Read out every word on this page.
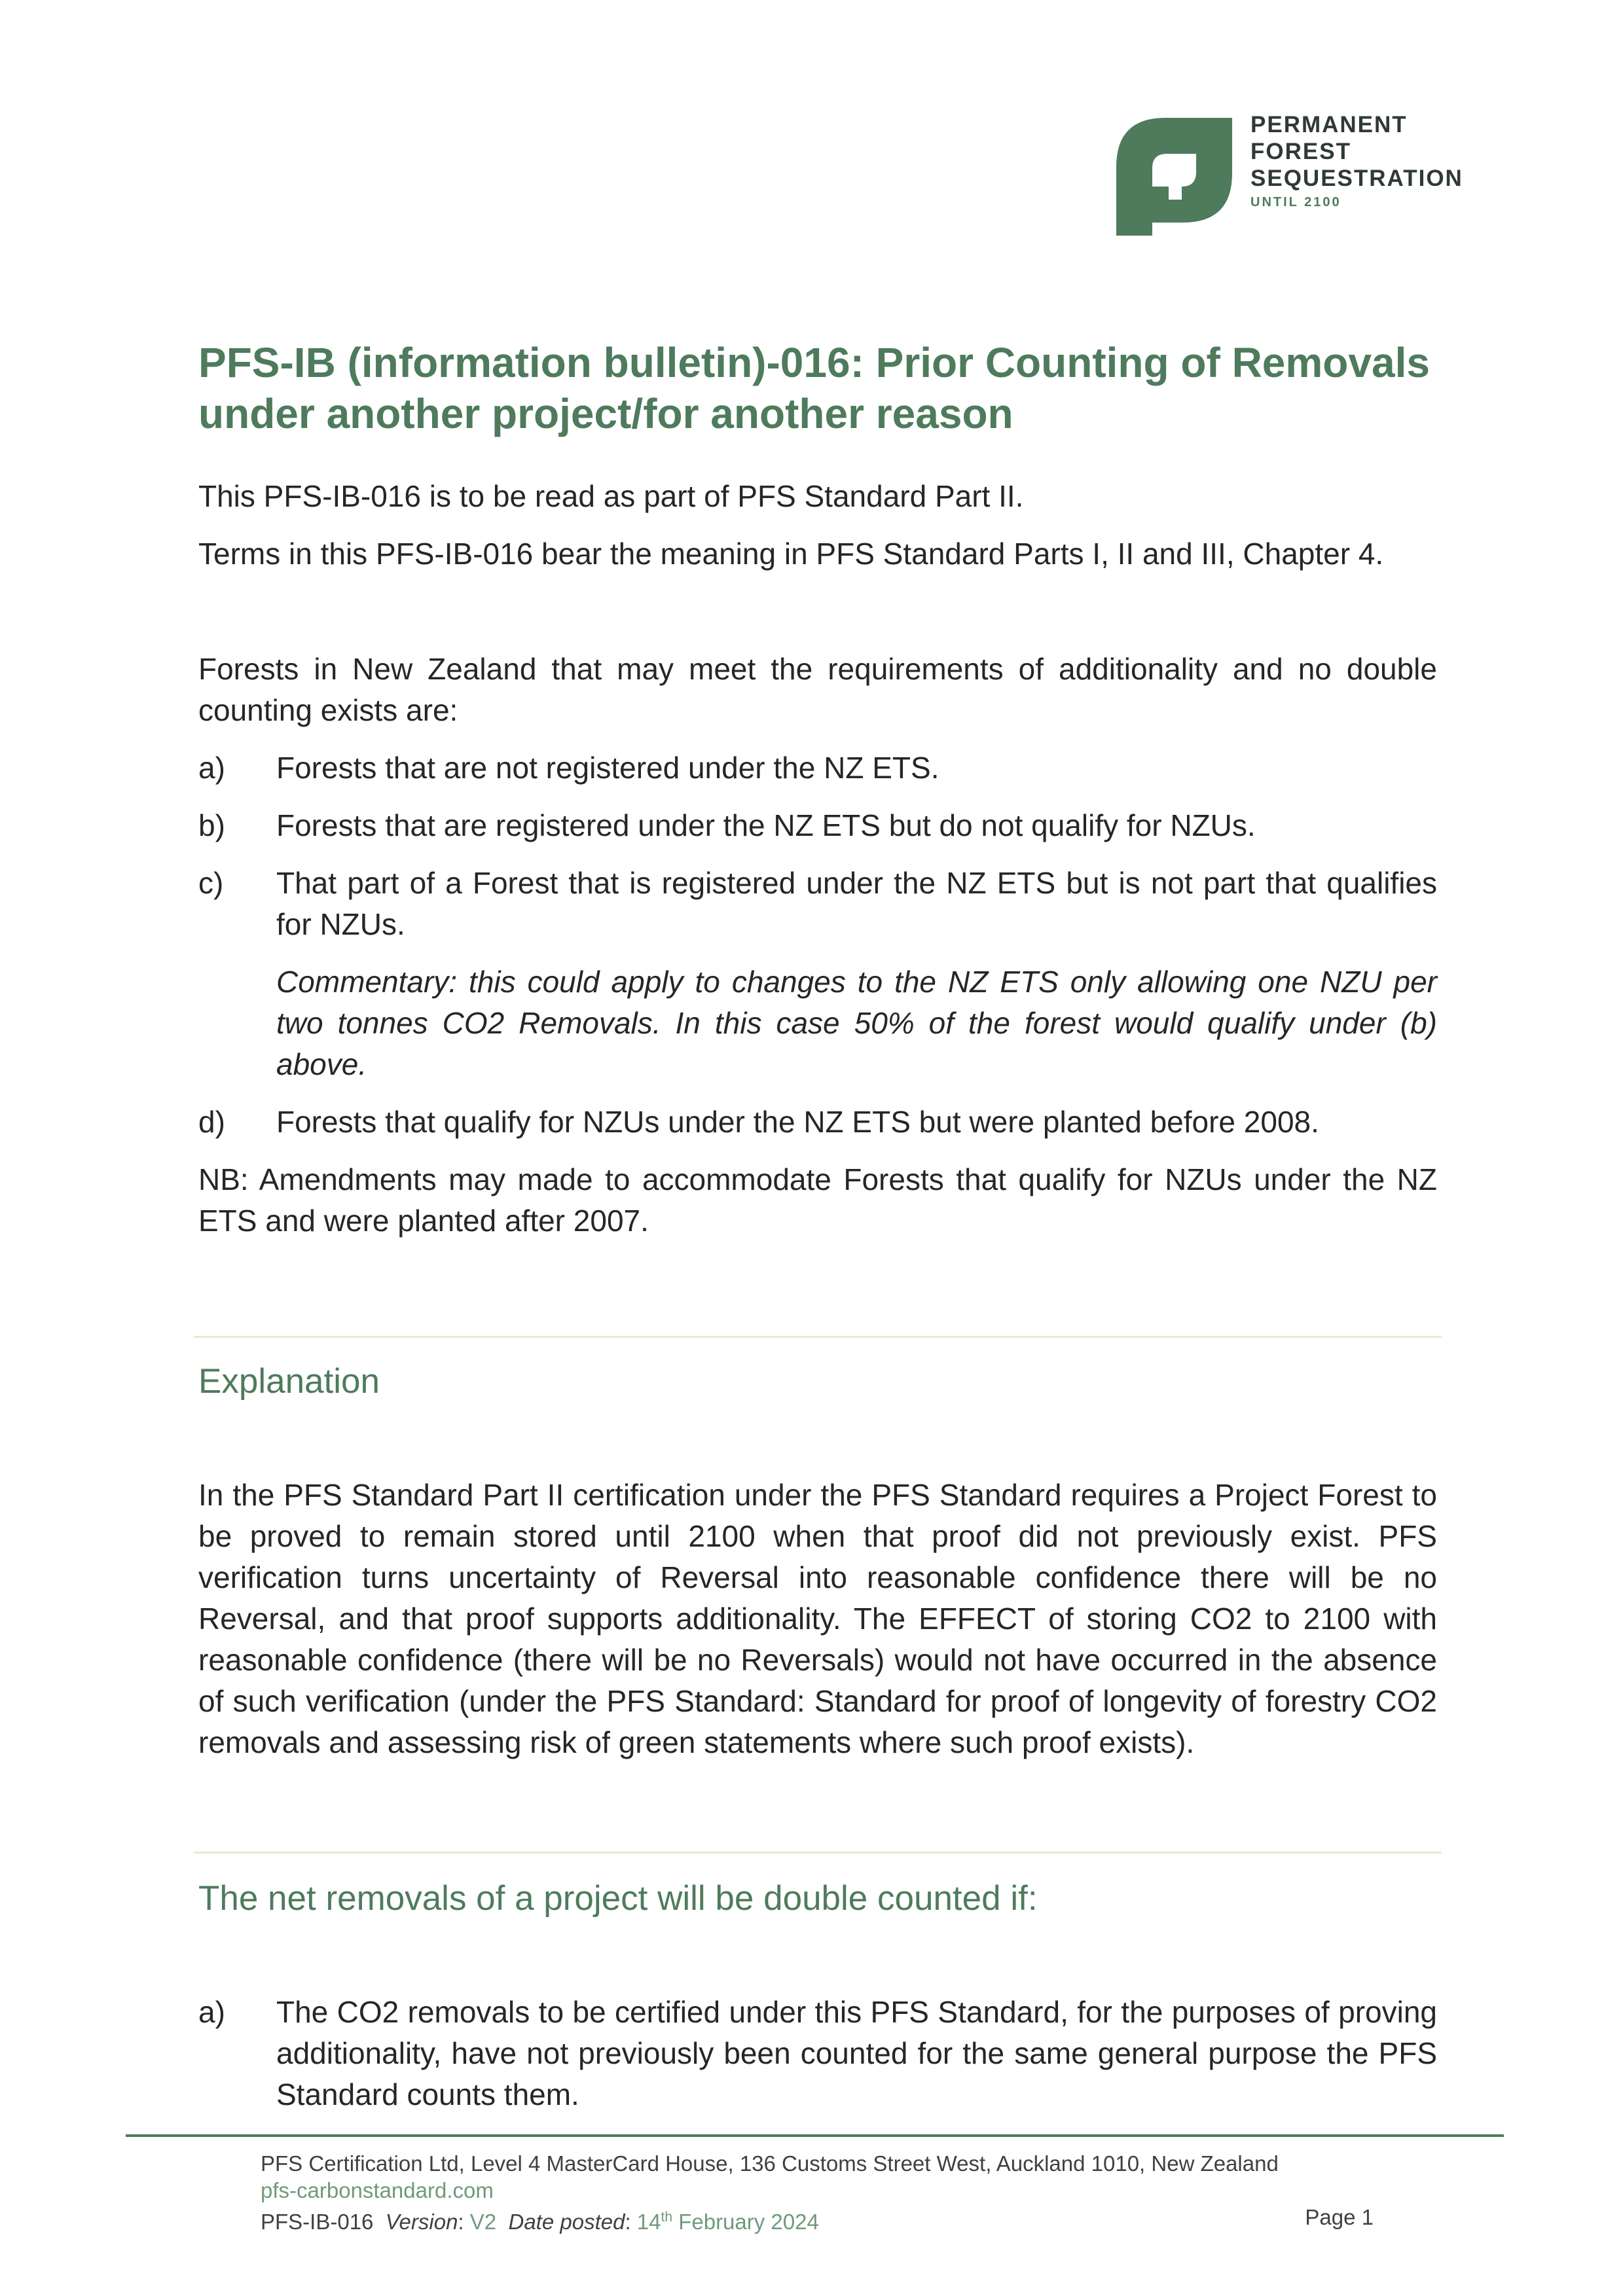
PERMANENT
FOREST
SEQUESTRATION
UNTIL 2100
PFS-IB (information bulletin)-016: Prior Counting of Removals under another project/for another reason

This PFS-IB-016 is to be read as part of PFS Standard Part II.

Terms in this PFS-IB-016 bear the meaning in PFS Standard Parts I, II and III, Chapter 4.

Forests in New Zealand that may meet the requirements of additionality and no double counting exists are:

a) Forests that are not registered under the NZ ETS.
b) Forests that are registered under the NZ ETS but do not qualify for NZUs.
c) That part of a Forest that is registered under the NZ ETS but is not part that qualifies for NZUs.
Commentary: this could apply to changes to the NZ ETS only allowing one NZU per two tonnes CO2 Removals. In this case 50% of the forest would qualify under (b) above.
d) Forests that qualify for NZUs under the NZ ETS but were planted before 2008.

NB: Amendments may made to accommodate Forests that qualify for NZUs under the NZ ETS and were planted after 2007.

Explanation

In the PFS Standard Part II certification under the PFS Standard requires a Project Forest to be proved to remain stored until 2100 when that proof did not previously exist. PFS verification turns uncertainty of Reversal into reasonable confidence there will be no Reversal, and that proof supports additionality. The EFFECT of storing CO2 to 2100 with reasonable confidence (there will be no Reversals) would not have occurred in the absence of such verification (under the PFS Standard: Standard for proof of longevity of forestry CO2 removals and assessing risk of green statements where such proof exists).

The net removals of a project will be double counted if:
a) The CO2 removals to be certified under this PFS Standard, for the purposes of proving additionality, have not previously been counted for the same general purpose the PFS Standard counts them.
PFS Certification Ltd, Level 4 MasterCard House, 136 Customs Street West, Auckland 1010, New Zealand
pfs-carbonstandard.com
PFS-IB-016 Version: V2 Date posted: 14th February 2024	Page 1
